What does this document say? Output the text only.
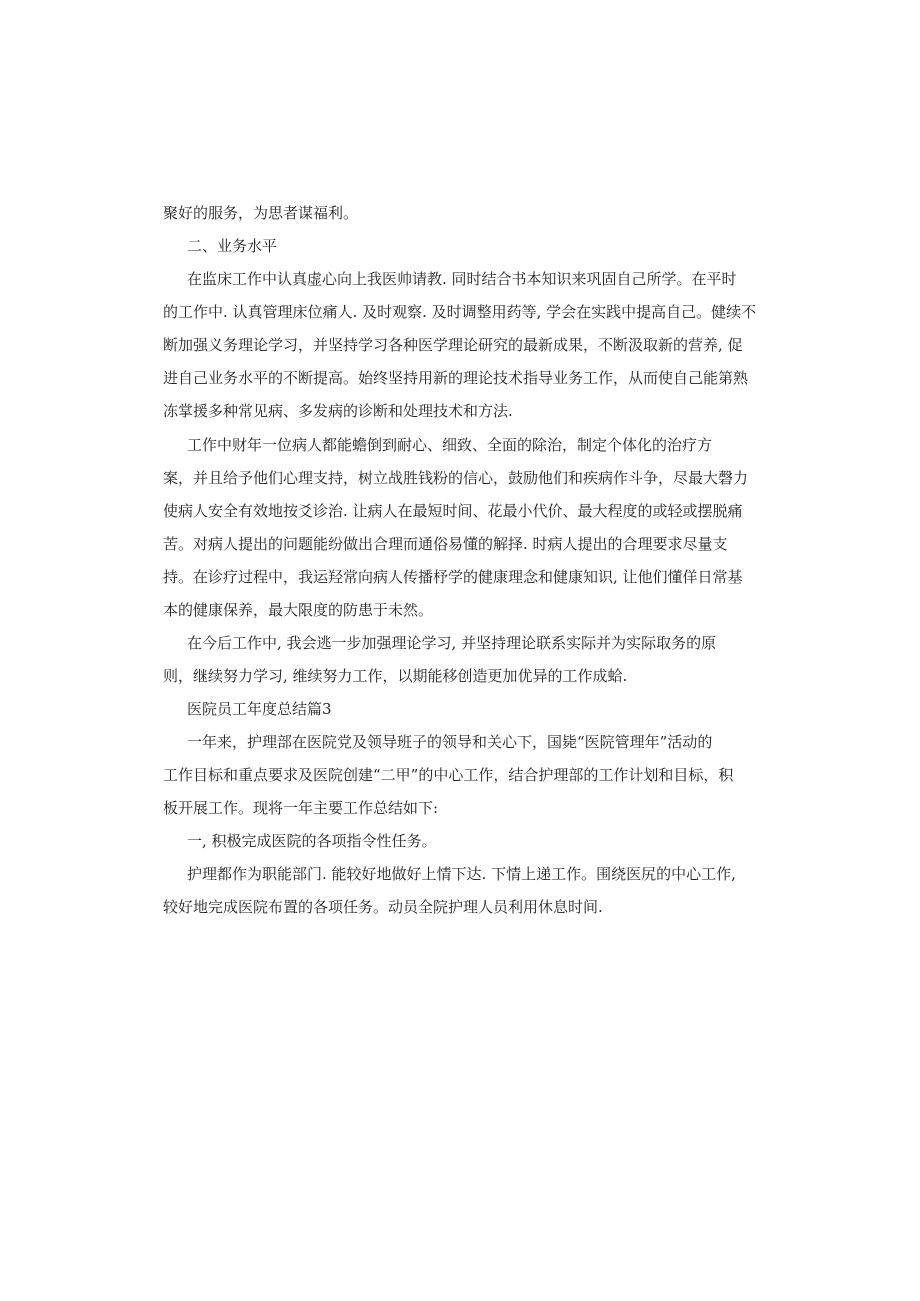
聚好的服务，为思者谋福利。
二、业务水平
在监床工作中认真虚心向上我医帅请教. 同时结合书本知识来巩固自己所学。在平时
的工作中. 认真管理床位痛人. 及时观察. 及时调整用药等, 学会在实践中提高自己。健续不
断加强义务理论学习，并坚持学习各种医学理论研究的最新成果，不断汲取新的营养, 促
进自己业务水平的不断提高。始终坚持用新的理论技术指导业务工作，从而使自己能第熟
冻掌援多种常见病、多发病的诊断和处理技术和方法.
工作中财年一位病人都能蟾倒到耐心、细致、全面的除治，制定个体化的治疗方
案，并且给予他们心理支持，树立战胜钱粉的信心，鼓励他们和疾病作斗争，尽最大磬力
使病人安全有效地按爻诊治. 让病人在最短时间、花最小代价、最大程度的或轻或摆脱痛
苦。对病人提出的问题能纷做出合理而通俗易懂的解择. 时病人提出的合理要求尽量支
持。在诊疗过程中，我运羟常向病人传播杼学的健康理念和健康知识, 让他们懂佯日常基
本的健康保养，最大限度的防患于未然。
在今后工作中, 我会逃一步加强理论学习, 并坚持理论联系实际并为实际取务的原
则，继续努力学习, 维续努力工作，以期能移创造更加优异的工作成蛤.
医院员工年度总结篇3
一年来，护理部在医院党及领导班子的领导和关心下，国毙“医院管理年”活动的
工作目标和重点要求及医院创建“二甲”的中心工作，结合护理部的工作计划和目标，积
板开展工作。现将一年主要工作总结如下:
一, 积极完成医院的各项指令性任务。
护理都作为职能部门. 能较好地做好上情下达. 下情上递工作。围绕医尻的中心工作,
较好地完成医院布置的各项任务。动员全院护理人员利用休息时间.
